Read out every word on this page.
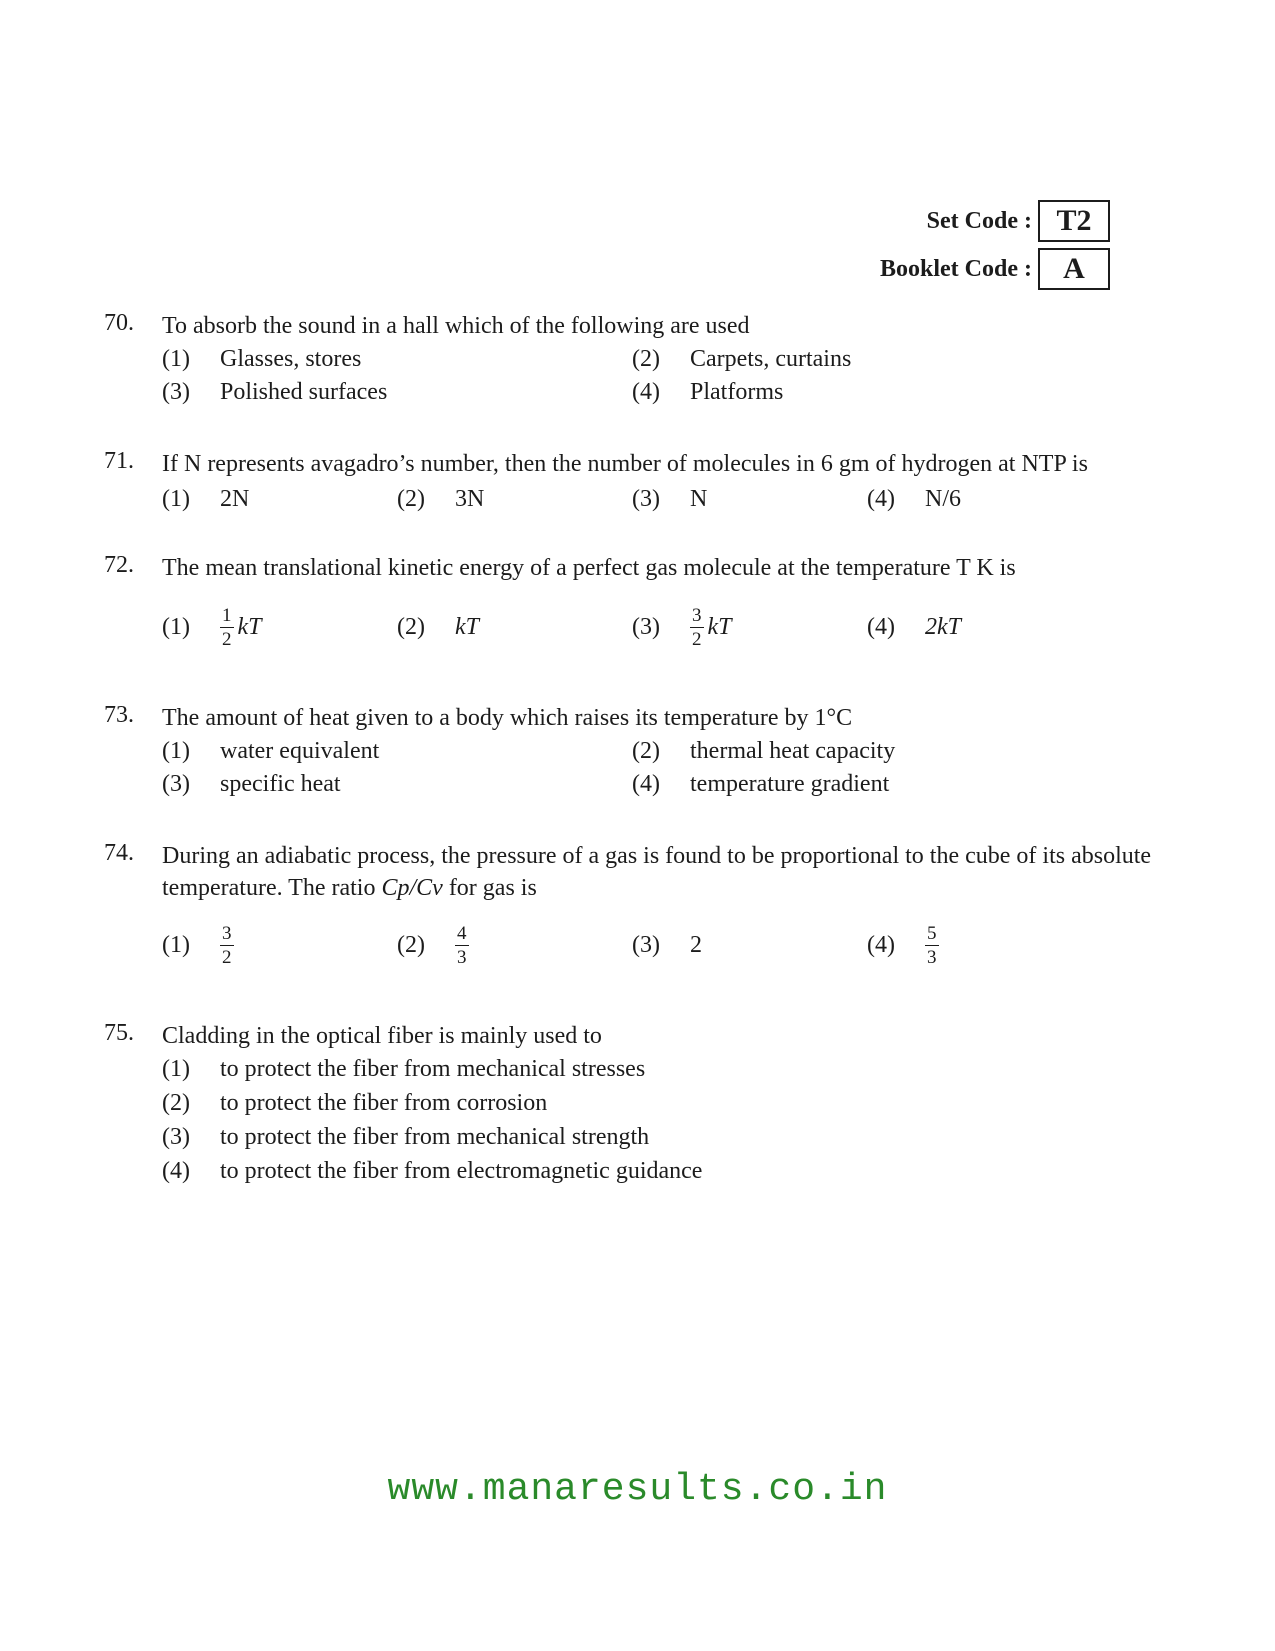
Set Code : T2
Booklet Code :	A
70.	To absorb the sound in a hall which of the following are used
(1)	Glasses, stores	(2)	Carpets, curtains
(3)	Polished surfaces	(4)	Platforms
71.	If N represents avagadro’s number, then the number of molecules in 6 gm of hydrogen at NTP is
(1)	2N	(2)	3N	(3)	N	(4)	N/6
72.	The mean translational kinetic energy of a perfect gas molecule at the temperature T K is
(1)	$\frac{1}{2}$ kT	(2)	kT	(3)	$\frac{3}{2}$ kT	(4)	2kT
73.	The amount of heat given to a body which raises its temperature by 1°C
(1)	water equivalent	(2)	thermal heat capacity
(3)	specific heat	(4)	temperature gradient
74.	During an adiabatic process, the pressure of a gas is found to be proportional to the cube of its absolute temperature. The ratio Cp/Cv for gas is
(1)	$\frac{3}{2}$	(2)	$\frac{4}{3}$	(3)	2	(4)	$\frac{5}{3}$
75.	Cladding in the optical fiber is mainly used to
(1)	to protect the fiber from mechanical stresses
(2)	to protect the fiber from corrosion
(3)	to protect the fiber from mechanical strength
(4)	to protect the fiber from electromagnetic guidance
www.manaresults.co.in
